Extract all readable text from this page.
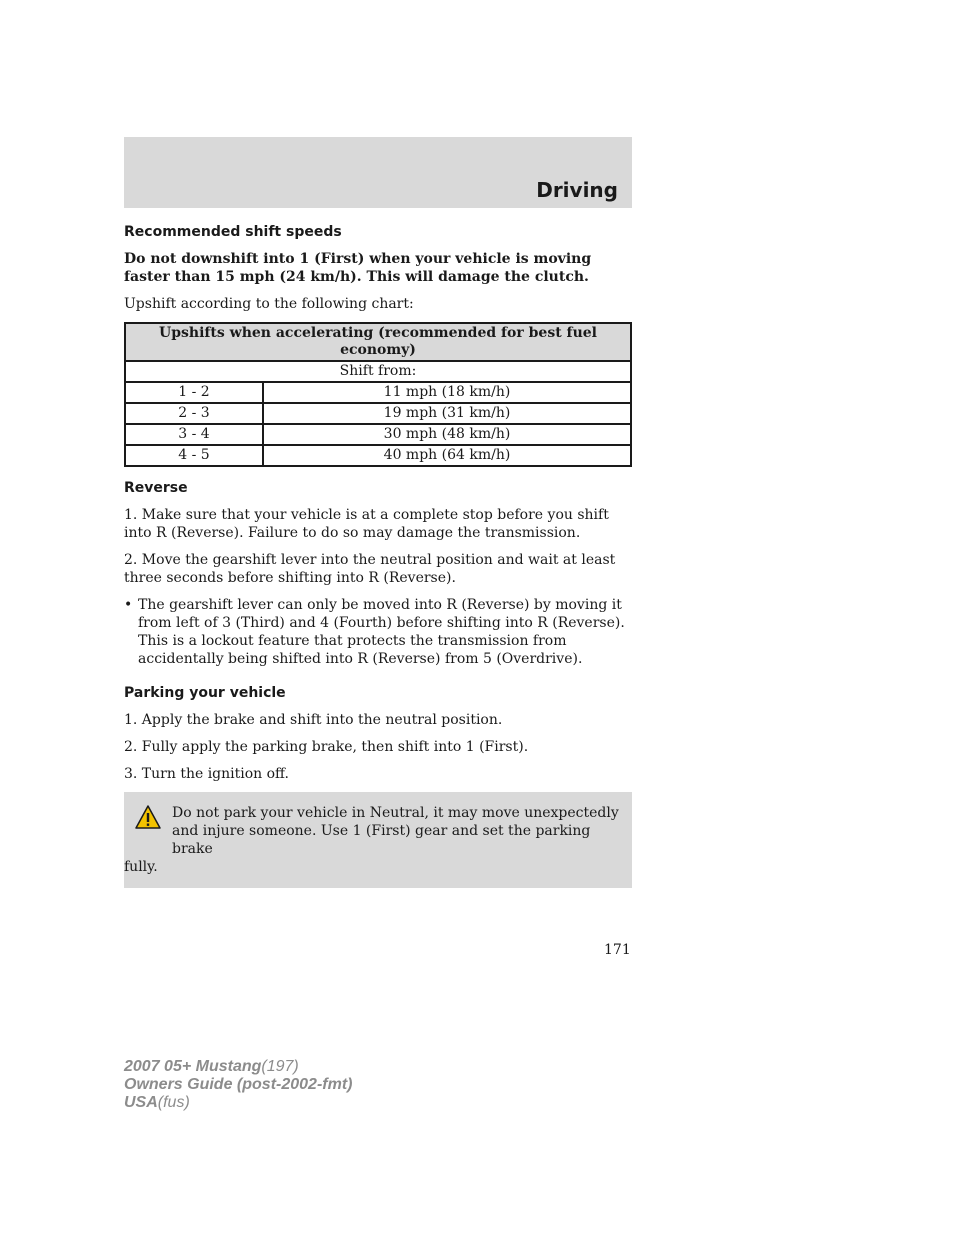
Driving
Recommended shift speeds
Do not downshift into 1 (First) when your vehicle is moving faster than 15 mph (24 km/h). This will damage the clutch.
Upshift according to the following chart:
Upshifts when accelerating (recommended for best fuel economy)	
Shift from:	
1 - 2	11 mph (18 km/h)
2 - 3	19 mph (31 km/h)
3 - 4	30 mph (48 km/h)
4 - 5	40 mph (64 km/h)
Reverse
1. Make sure that your vehicle is at a complete stop before you shift into R (Reverse). Failure to do so may damage the transmission.
2. Move the gearshift lever into the neutral position and wait at least three seconds before shifting into R (Reverse).
• The gearshift lever can only be moved into R (Reverse) by moving it from left of 3 (Third) and 4 (Fourth) before shifting into R (Reverse). This is a lockout feature that protects the transmission from accidentally being shifted into R (Reverse) from 5 (Overdrive).
Parking your vehicle
1. Apply the brake and shift into the neutral position.
2. Fully apply the parking brake, then shift into 1 (First).
3. Turn the ignition off.

Do not park your vehicle in Neutral, it may move unexpectedly
and injure someone. Use 1 (First) gear and set the parking brake
fully.

171
2007 05+ Mustang(197)
Owners Guide (post-2002-fmt)
USA(fus)
